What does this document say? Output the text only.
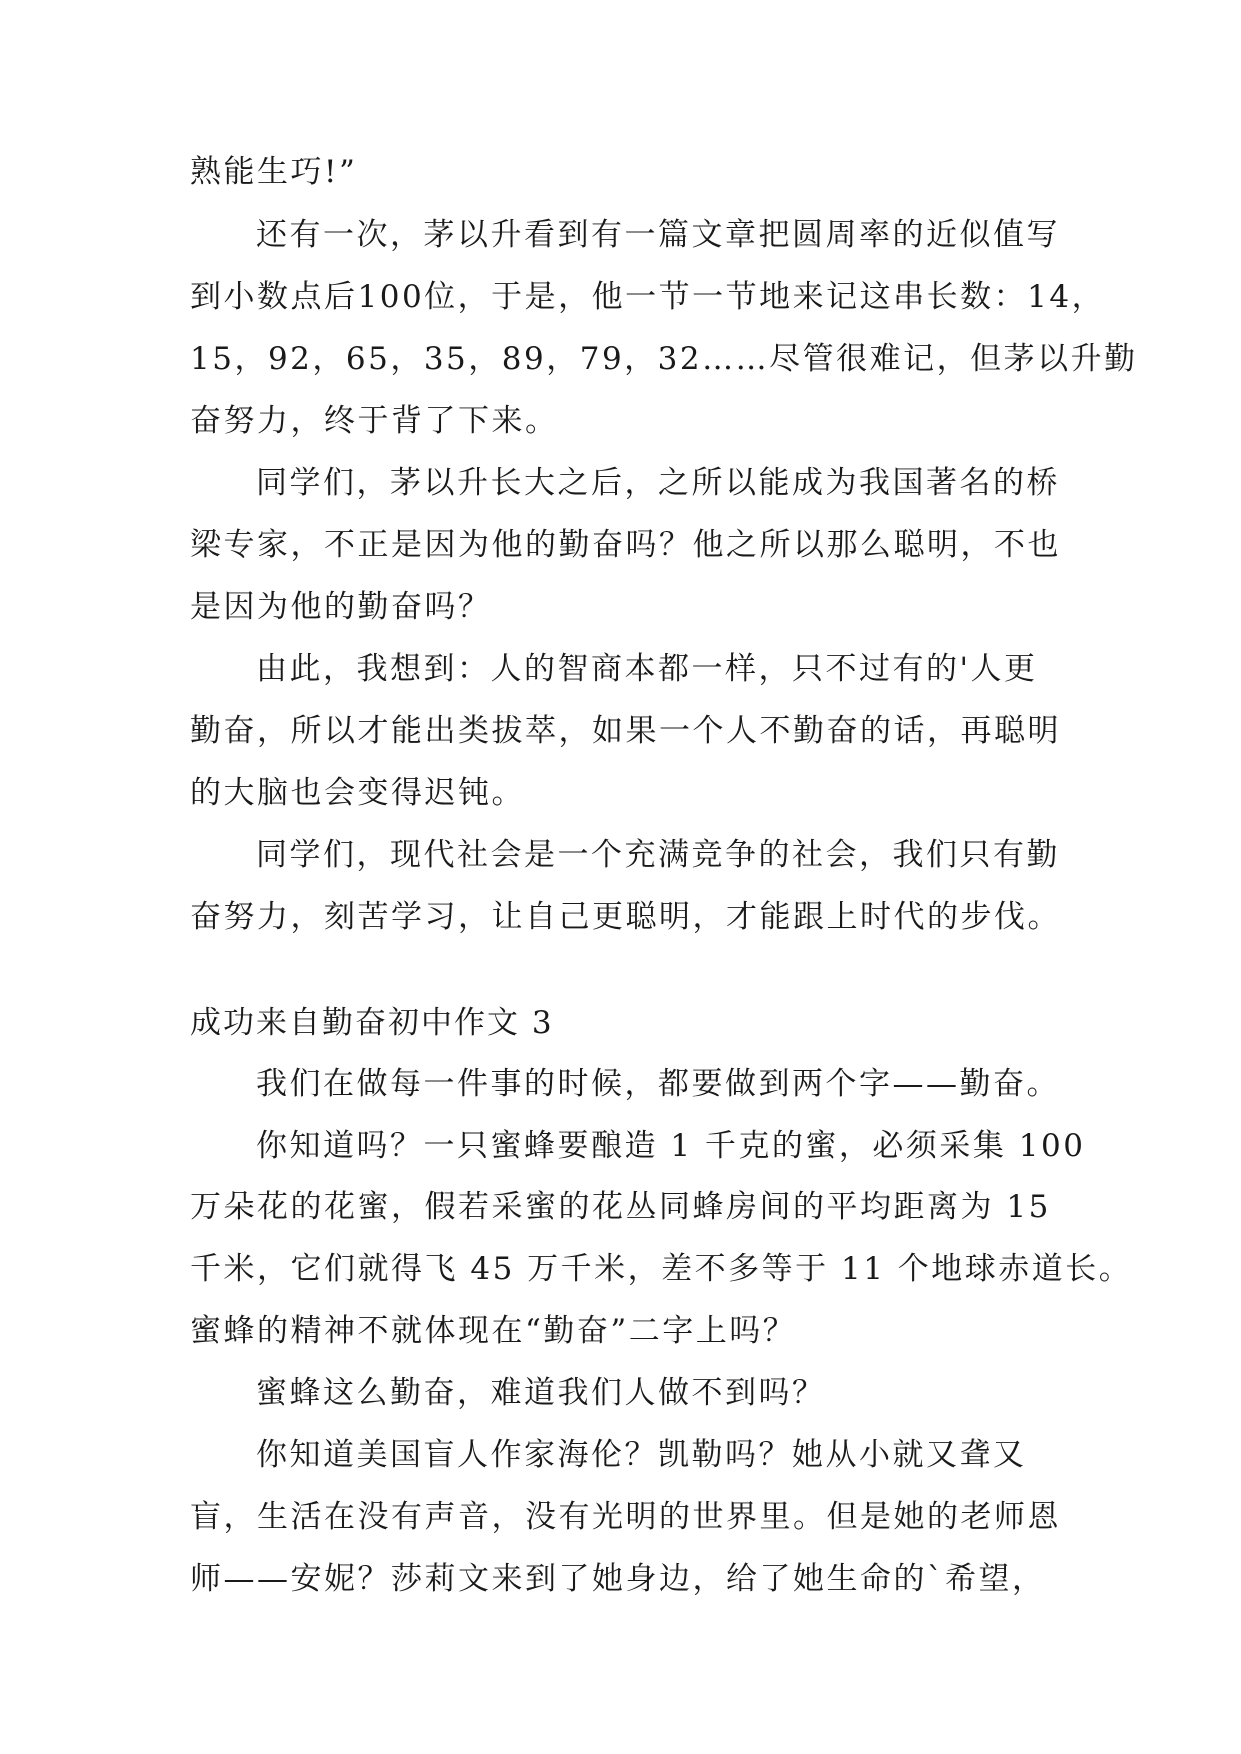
熟能生巧!”

还有一次，茅以升看到有一篇文章把圆周率的近似值写

到小数点后100位，于是，他一节一节地来记这串长数：14，

15，92，65，35，89，79，32……尽管很难记，但茅以升勤

奋努力，终于背了下来。

同学们，茅以升长大之后，之所以能成为我国著名的桥

梁专家，不正是因为他的勤奋吗？他之所以那么聪明，不也

是因为他的勤奋吗？

由此，我想到：人的智商本都一样，只不过有的'人更

勤奋，所以才能出类拔萃，如果一个人不勤奋的话，再聪明

的大脑也会变得迟钝。

同学们，现代社会是一个充满竞争的社会，我们只有勤

奋努力，刻苦学习，让自己更聪明，才能跟上时代的步伐。

成功来自勤奋初中作文 3

我们在做每一件事的时候，都要做到两个字——勤奋。

你知道吗？一只蜜蜂要酿造 1 千克的蜜，必须采集 100

万朵花的花蜜，假若采蜜的花丛同蜂房间的平均距离为 15

千米，它们就得飞 45 万千米，差不多等于 11 个地球赤道长。

蜜蜂的精神不就体现在“勤奋”二字上吗？

蜜蜂这么勤奋，难道我们人做不到吗？

你知道美国盲人作家海伦？凯勒吗？她从小就又聋又

盲，生活在没有声音，没有光明的世界里。但是她的老师恩

师——安妮？莎莉文来到了她身边，给了她生命的`希望，
